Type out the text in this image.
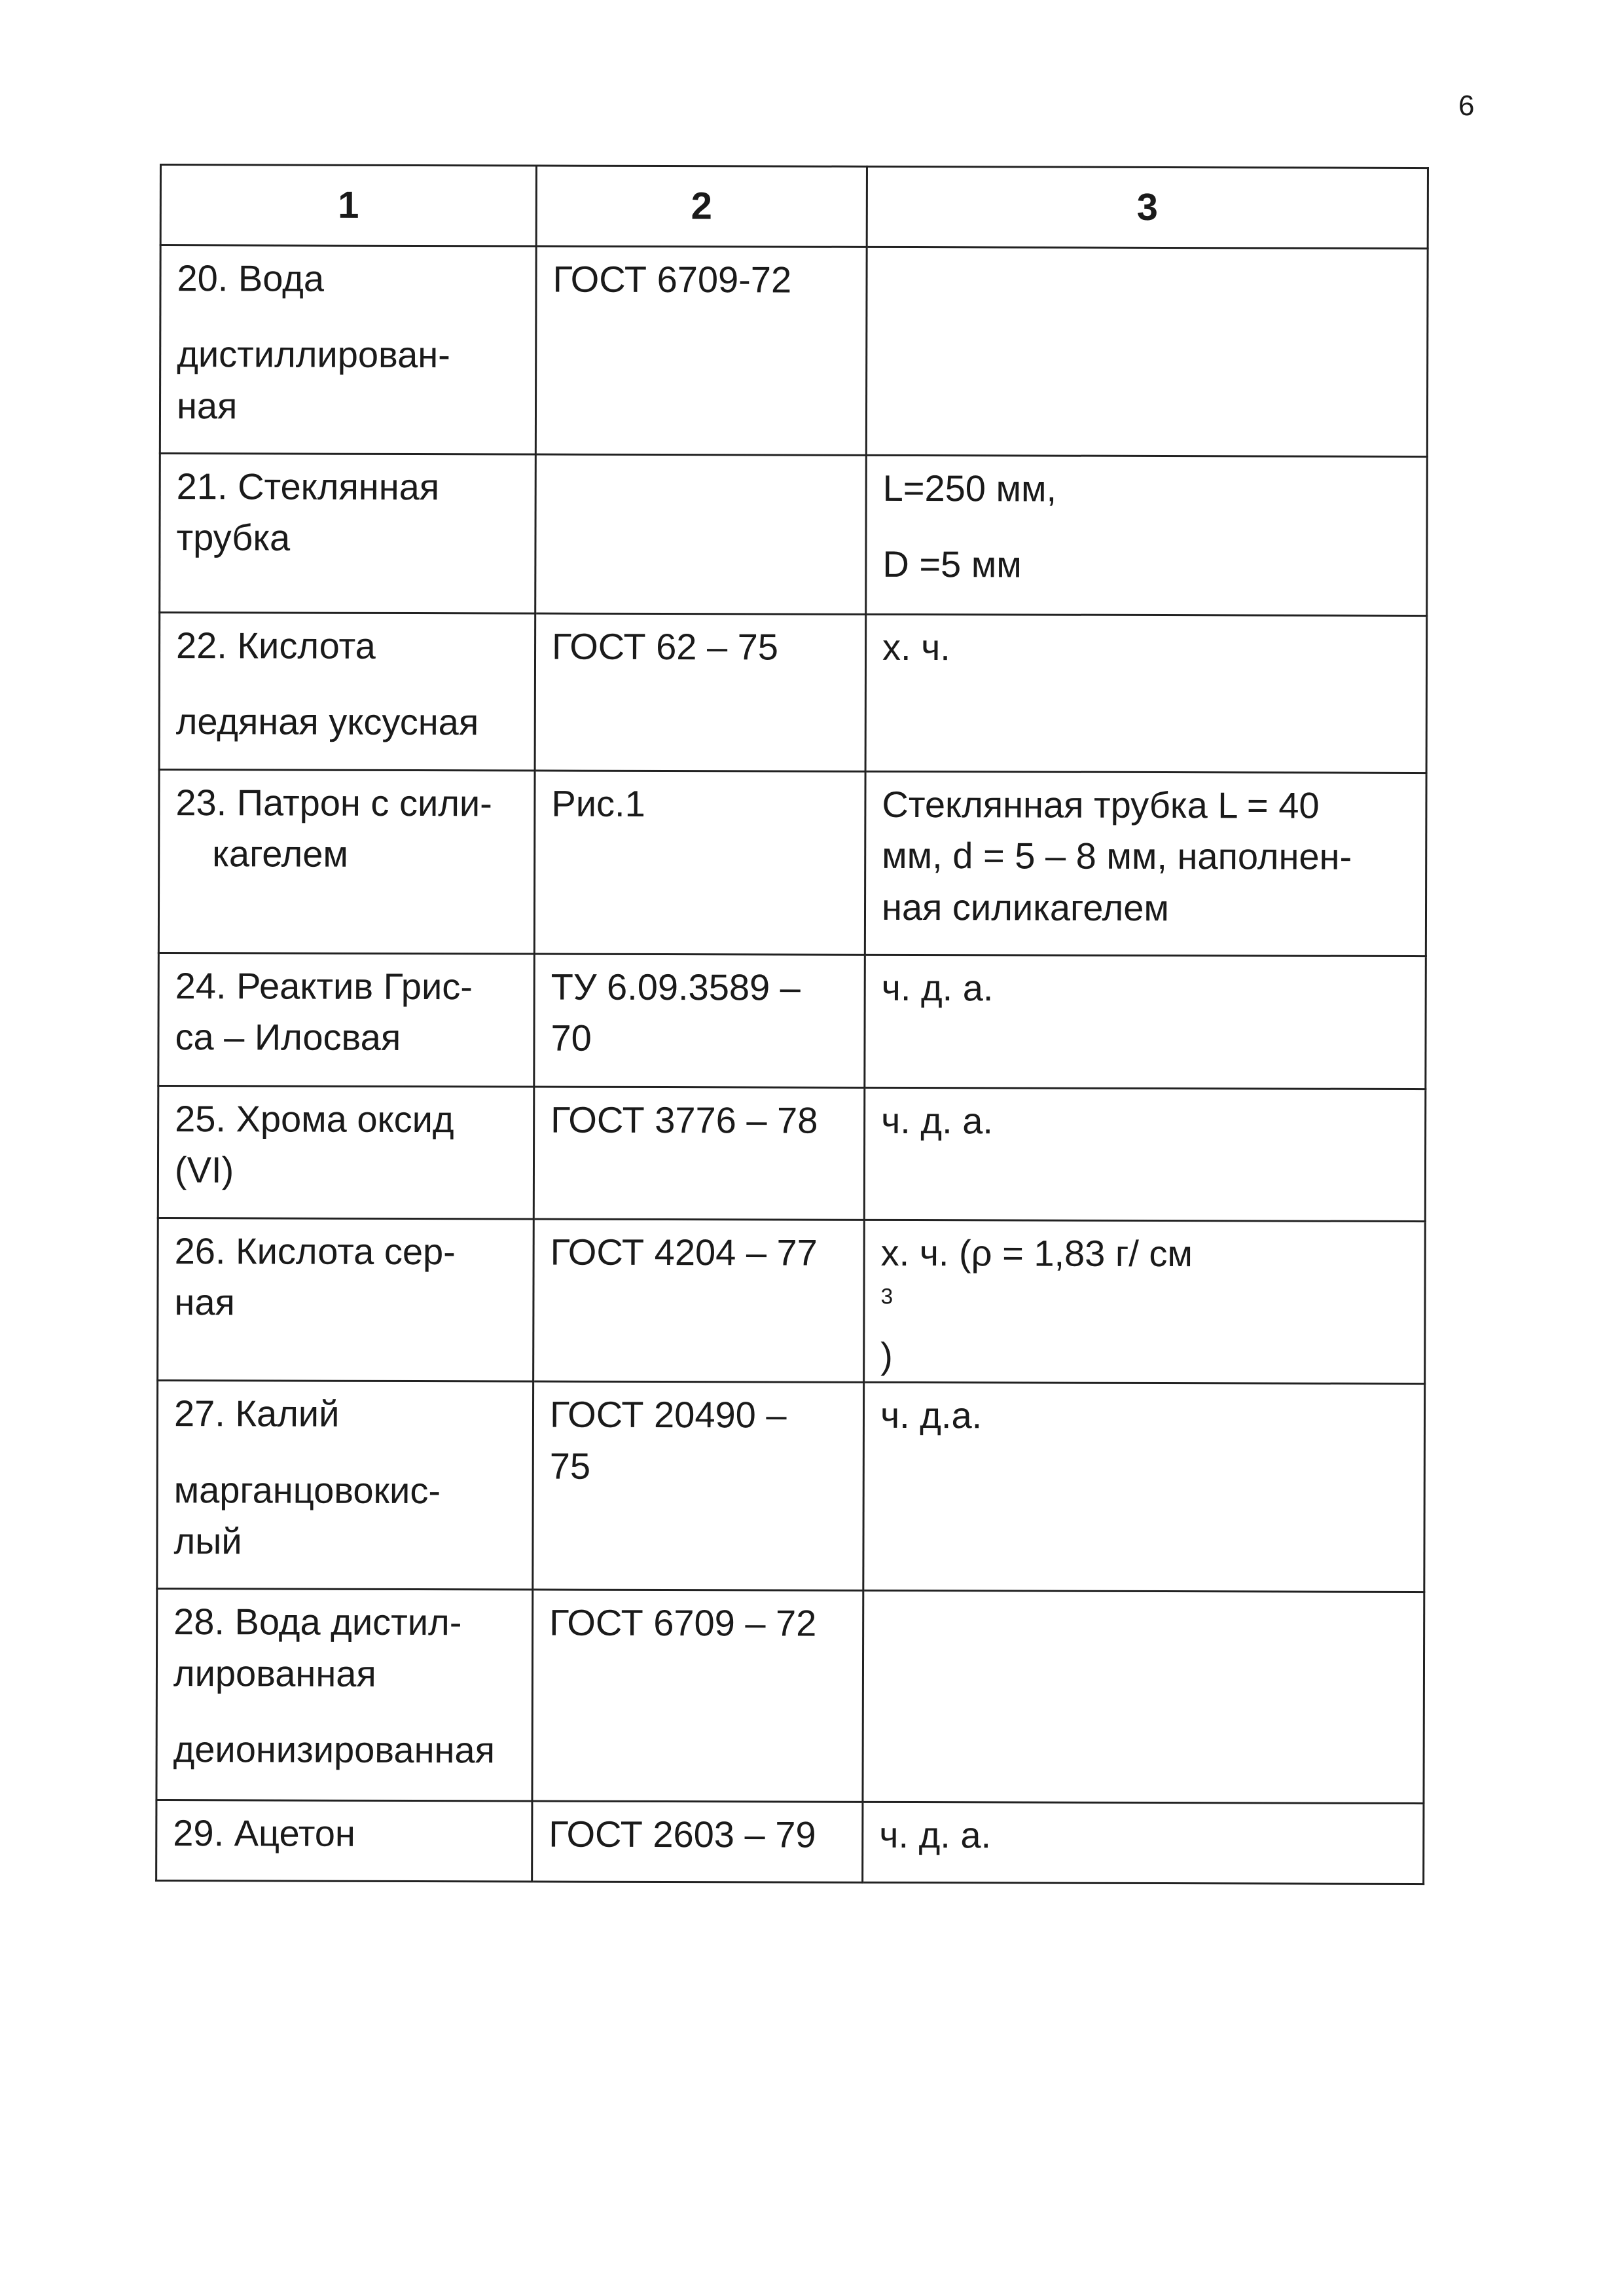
6
1	2	3

20. Вода
дистиллирован-
ная	ГОСТ 6709-72	

21. Стеклянная
трубка		L=250 мм,
D =5 мм

22. Кислота
ледяная уксусная	ГОСТ 62 – 75	х. ч.

23. Патрон с сили-
кагелем	Рис.1	Стеклянная трубка L = 40
мм, d = 5 – 8 мм, наполнен-
ная силикагелем

24. Реактив Грис-
са – Илосвая	ТУ 6.09.3589 –
70	ч. д. а.

25. Хрома оксид
(VI)	ГОСТ 3776 – 78	ч. д. а.

26. Кислота сер-
ная	ГОСТ 4204 – 77	х. ч. (ρ = 1,83 г/ см
$^3$
)

27. Калий
марганцовокис-
лый	ГОСТ 20490 –
75	ч. д.а.

28. Вода дистил-
лированная
деионизированная	ГОСТ 6709 – 72	

29. Ацетон	ГОСТ 2603 – 79	ч. д. а.
